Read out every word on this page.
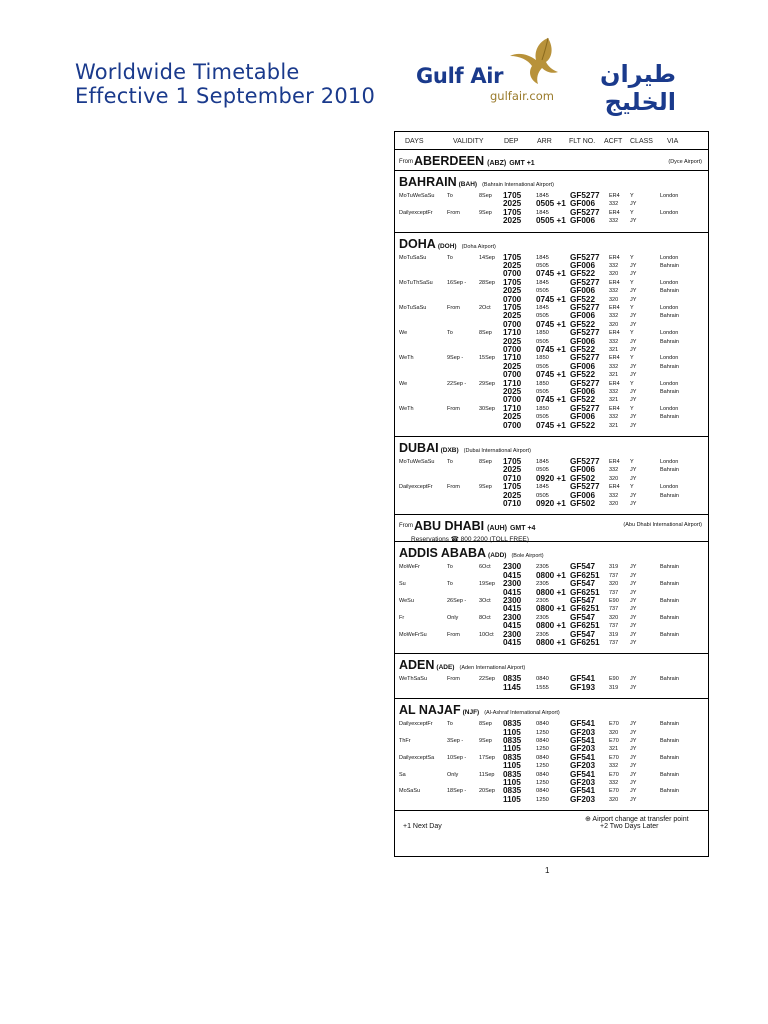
Worldwide Timetable
Effective 1 September 2010
Gulf Air	طيران الخليج
gulfair.com
DAYS	VALIDITY	DEP	ARR FLT NO. ACFT CLASS VIA
From ABERDEEN (ABZ) GMT +1	(Dyce Airport)
BAHRAIN (BAH) (Bahrain International Airport)
MoTuWeSaSu To	8Sep 1705	1845	GF5277 ER4 Y	London
2025 0505 +1 GF006	332 JY
DailyexceptFr	From	9Sep 1705	1845	GF5277 ER4 Y	London
2025 0505 +1 GF006	332 JY
DOHA (DOH) (Doha Airport)
MoTuSaSu	To	14Sep 1705	1845	GF5277 ER4 Y	London
2025	0505	GF006	332 JY	Bahrain
0700 0745 +1 GF522	320 JY
MoTuThSaSu	16Sep - 28Sep 1705	1845	GF5277 ER4 Y	London
2025	0505	GF006	332 JY	Bahrain
0700 0745 +1 GF522	320 JY
MoTuSaSu	From	2Oct 1705	1845	GF5277 ER4 Y	London
2025	0505	GF006	332 JY	Bahrain
0700 0745 +1 GF522	320 JY
We	To	8Sep 1710	1850	GF5277 ER4 Y	London
2025	0505	GF006	332 JY	Bahrain
0700 0745 +1 GF522	321 JY
WeTh	9Sep -	15Sep 1710	1850	GF5277 ER4 Y	London
2025	0505	GF006	332 JY	Bahrain
0700 0745 +1 GF522	321 JY
We	22Sep - 29Sep 1710	1850	GF5277 ER4 Y	London
2025	0505	GF006	332 JY	Bahrain
0700 0745 +1 GF522	321 JY
WeTh	From	30Sep 1710	1850	GF5277 ER4 Y	London
2025	0505	GF006	332 JY	Bahrain
0700 0745 +1 GF522	321 JY
DUBAI (DXB) (Dubai International Airport)
MoTuWeSaSu To	8Sep 1705	1845	GF5277 ER4 Y	London
2025	0505	GF006	332 JY	Bahrain
0710 0920 +1 GF502	320 JY
DailyexceptFr	From	9Sep 1705	1845	GF5277 ER4 Y	London
2025	0505	GF006	332 JY	Bahrain
0710 0920 +1 GF502	320 JY
From ABU DHABI (AUH) GMT +4	(Abu Dhabi International Airport)
Reservations ☎ 800 2200 (TOLL FREE)
ADDIS ABABA (ADD) (Bole Airport)
MoWeFr	To	6Oct 2300	2305	GF547	319 JY	Bahrain
0415 0800 +1 GF6251 737 JY
Su	To	19Sep 2300	2305	GF547	320 JY	Bahrain
0415 0800 +1 GF6251 737 JY
WeSu	26Sep - 3Oct 2300	2305	GF547	E90 JY	Bahrain
0415 0800 +1 GF6251 737 JY
Fr	Only	8Oct 2300	2305	GF547	320 JY	Bahrain
0415 0800 +1 GF6251 737 JY
MoWeFrSu	From	10Oct 2300	2305	GF547	319 JY	Bahrain
0415 0800 +1 GF6251 737 JY
ADEN (ADE) (Aden International Airport)
WeThSaSu	From	22Sep 0835	0840	GF541	E90 JY	Bahrain
1145	1555	GF193	319 JY
AL NAJAF (NJF) (Al-Ashraf International Airport)
DailyexceptFr	To	8Sep 0835	0840	GF541	E70 JY	Bahrain
1105	1250	GF203	320 JY
ThFr	3Sep -	9Sep 0835	0840	GF541	E70 JY	Bahrain
1105	1250	GF203	321 JY
DailyexceptSa 10Sep - 17Sep 0835	0840	GF541	E70 JY	Bahrain
1105	1250	GF203	332 JY
Sa	Only	11Sep 0835	0840	GF541	E70 JY	Bahrain
1105	1250	GF203	332 JY
MoSaSu	18Sep - 20Sep 0835	0840	GF541	E70 JY	Bahrain
1105	1250	GF203	320 JY
⊕ Airport change at transfer point
+1 Next Day	+2 Two Days Later
1
